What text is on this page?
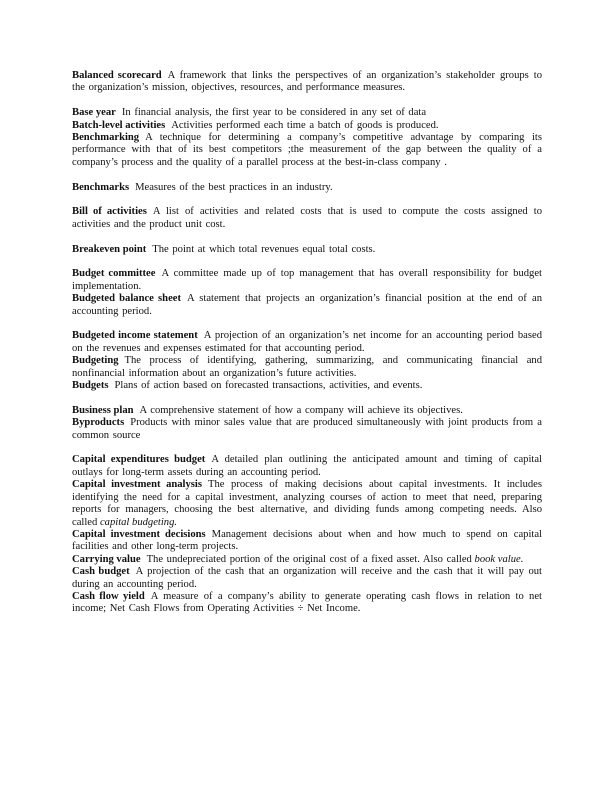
Balanced scorecard A framework that links the perspectives of an organization’s stakeholder groups to the organization’s mission, objectives, resources, and performance measures.

Base year In financial analysis, the first year to be considered in any set of data

Batch-level activities Activities performed each time a batch of goods is produced.

Benchmarking A technique for determining a company’s competitive advantage by comparing its performance with that of its best competitors ;the measurement of the gap between the quality of a company’s process and the quality of a parallel process at the best-in-class company .

Benchmarks Measures of the best practices in an industry.

Bill of activities A list of activities and related costs that is used to compute the costs assigned to activities and the product unit cost.

Breakeven point The point at which total revenues equal total costs.

Budget committee A committee made up of top management that has overall responsibility for budget implementation.

Budgeted balance sheet A statement that projects an organization’s financial position at the end of an accounting period.

Budgeted income statement A projection of an organization’s net income for an accounting period based on the revenues and expenses estimated for that accounting period.

Budgeting The process of identifying, gathering, summarizing, and communicating financial and nonfinancial information about an organization’s future activities.

Budgets Plans of action based on forecasted transactions, activities, and events.

Business plan A comprehensive statement of how a company will achieve its objectives.

Byproducts Products with minor sales value that are produced simultaneously with joint products from a common source

Capital expenditures budget A detailed plan outlining the anticipated amount and timing of capital outlays for long-term assets during an accounting period.

Capital investment analysis The process of making decisions about capital investments. It includes identifying the need for a capital investment, analyzing courses of action to meet that need, preparing reports for managers, choosing the best alternative, and dividing funds among competing needs. Also called capital budgeting.

Capital investment decisions Management decisions about when and how much to spend on capital facilities and other long-term projects.

Carrying value The undepreciated portion of the original cost of a fixed asset. Also called book value.

Cash budget A projection of the cash that an organization will receive and the cash that it will pay out during an accounting period.

Cash flow yield A measure of a company’s ability to generate operating cash flows in relation to net income; Net Cash Flows from Operating Activities ÷ Net Income.
